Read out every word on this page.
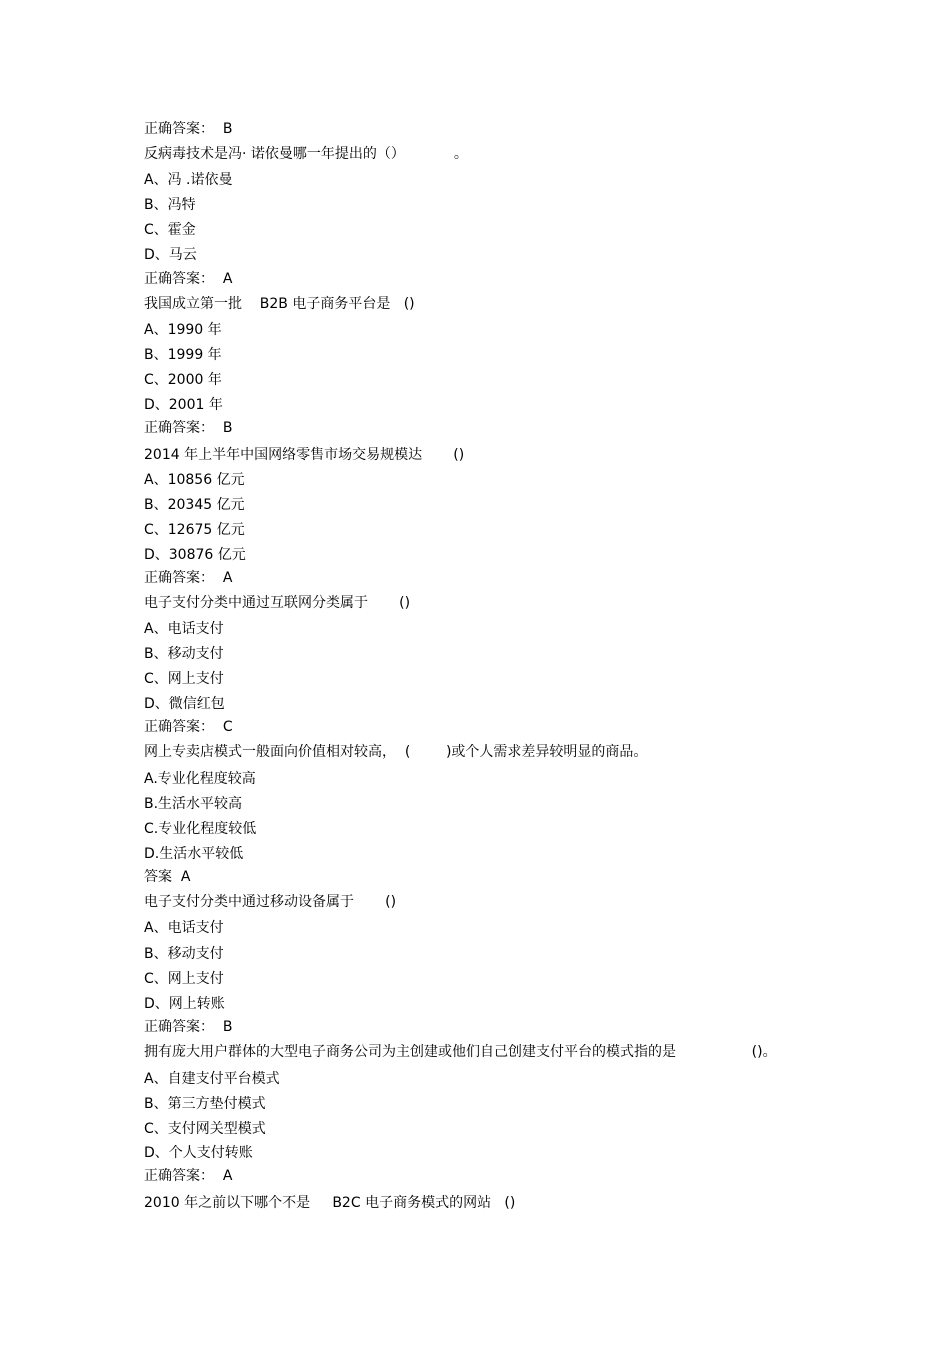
正确答案：  B
反病毒技术是冯· 诺依曼哪一年提出的（）           。
A、冯 .诺依曼
B、冯特
C、霍金
D、马云
正确答案：  A
我国成立第一批    B2B 电子商务平台是   ()
A、1990 年
B、1999 年
C、2000 年
D、2001 年
正确答案：  B
2014 年上半年中国网络零售市场交易规模达       ()
A、10856 亿元
B、20345 亿元
C、12675 亿元
D、30876 亿元
正确答案：  A
电子支付分类中通过互联网分类属于       ()
A、电话支付
B、移动支付
C、网上支付
D、微信红包
正确答案：  C
网上专卖店模式一般面向价值相对较高，  (        )或个人需求差异较明显的商品。
A.专业化程度较高
B.生活水平较高
C.专业化程度较低
D.生活水平较低
答案  A
电子支付分类中通过移动设备属于       ()
A、电话支付
B、移动支付
C、网上支付
D、网上转账
正确答案：  B
拥有庞大用户群体的大型电子商务公司为主创建或他们自己创建支付平台的模式指的是                 ()。
A、自建支付平台模式
B、第三方垫付模式
C、支付网关型模式
D、个人支付转账
正确答案：  A
2010 年之前以下哪个不是     B2C 电子商务模式的网站   ()
